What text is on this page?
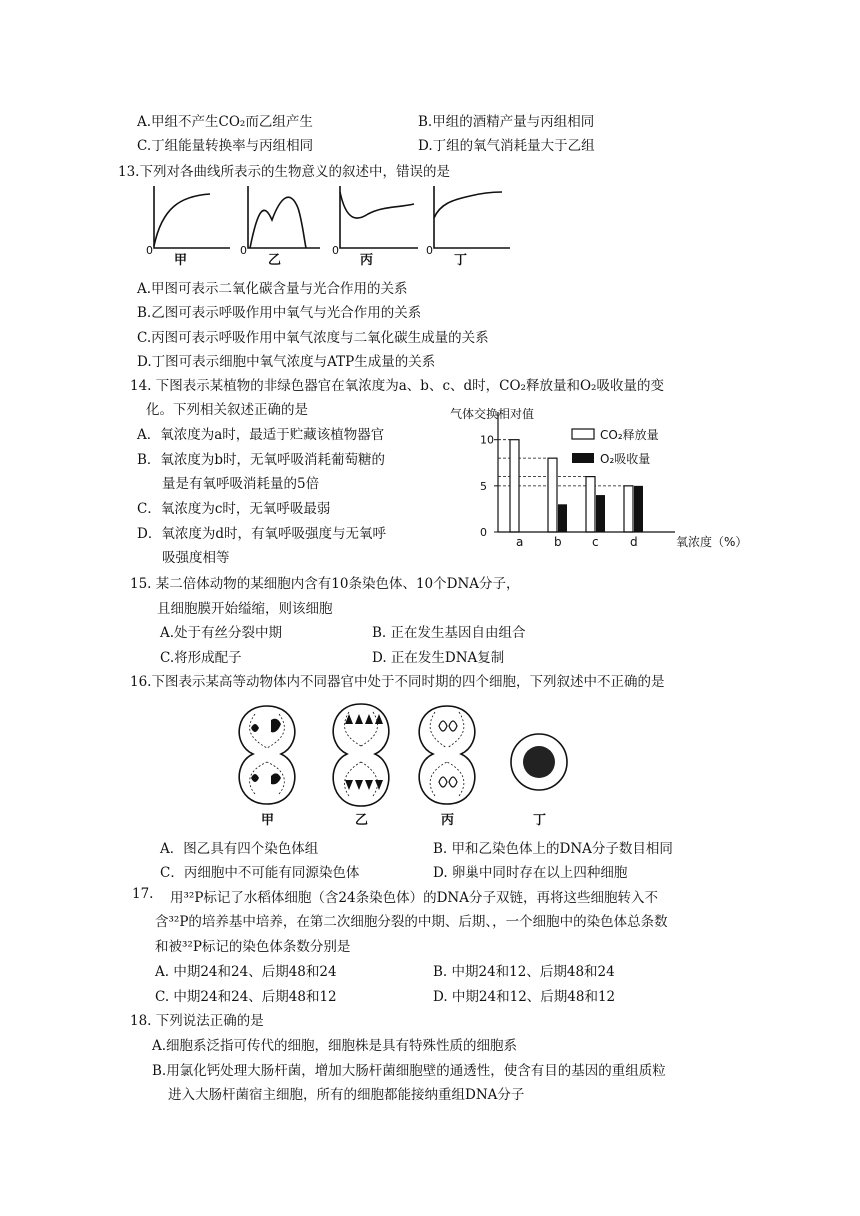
A.甲组不产生CO₂而乙组产生	B.甲组的酒精产量与丙组相同
C.丁组能量转换率与丙组相同	D.丁组的氧气消耗量大于乙组
13.下列对各曲线所表示的生物意义的叙述中，错误的是
0	0	0	0
甲	乙	丙	丁
A.甲图可表示二氧化碳含量与光合作用的关系
B.乙图可表示呼吸作用中氧气与光合作用的关系
C.丙图可表示呼吸作用中氧气浓度与二氧化碳生成量的关系
D.丁图可表示细胞中氧气浓度与ATP生成量的关系
14. 下图表示某植物的非绿色器官在氧浓度为a、b、c、d时，CO₂释放量和O₂吸收量的变
化。下列相关叙述正确的是
A．氧浓度为a时，最适于贮藏该植物器官
B．氧浓度为b时，无氧呼吸消耗葡萄糖的
量是有氧呼吸消耗量的5倍
C．氧浓度为c时，无氧呼吸最弱
D．氧浓度为d时，有氧呼吸强度与无氧呼
吸强度相等
气体交换相对值
CO₂释放量
O₂吸收量
10
5
0
a	b	c	d	氧浓度（%）
15. 某二倍体动物的某细胞内含有10条染色体、10个DNA分子，
且细胞膜开始缢缩，则该细胞
A.处于有丝分裂中期	B. 正在发生基因自由组合
C.将形成配子	D. 正在发生DNA复制
16.下图表示某高等动物体内不同器官中处于不同时期的四个细胞，下列叙述中不正确的是
甲	乙	丙	丁
A．图乙具有四个染色体组	B. 甲和乙染色体上的DNA分子数目相同
C．丙细胞中不可能有同源染色体	D. 卵巢中同时存在以上四种细胞
17. 用³²P标记了水稻体细胞（含24条染色体）的DNA分子双链，再将这些细胞转入不
含³²P的培养基中培养，在第二次细胞分裂的中期、后期、，一个细胞中的染色体总条数
和被³²P标记的染色体条数分别是
A. 中期24和24、后期48和24	B. 中期24和12、后期48和24
C. 中期24和24、后期48和12	D. 中期24和12、后期48和12
18. 下列说法正确的是
A.细胞系泛指可传代的细胞，细胞株是具有特殊性质的细胞系
B.用氯化钙处理大肠杆菌，增加大肠杆菌细胞壁的通透性，使含有目的基因的重组质粒
进入大肠杆菌宿主细胞，所有的细胞都能接纳重组DNA分子
